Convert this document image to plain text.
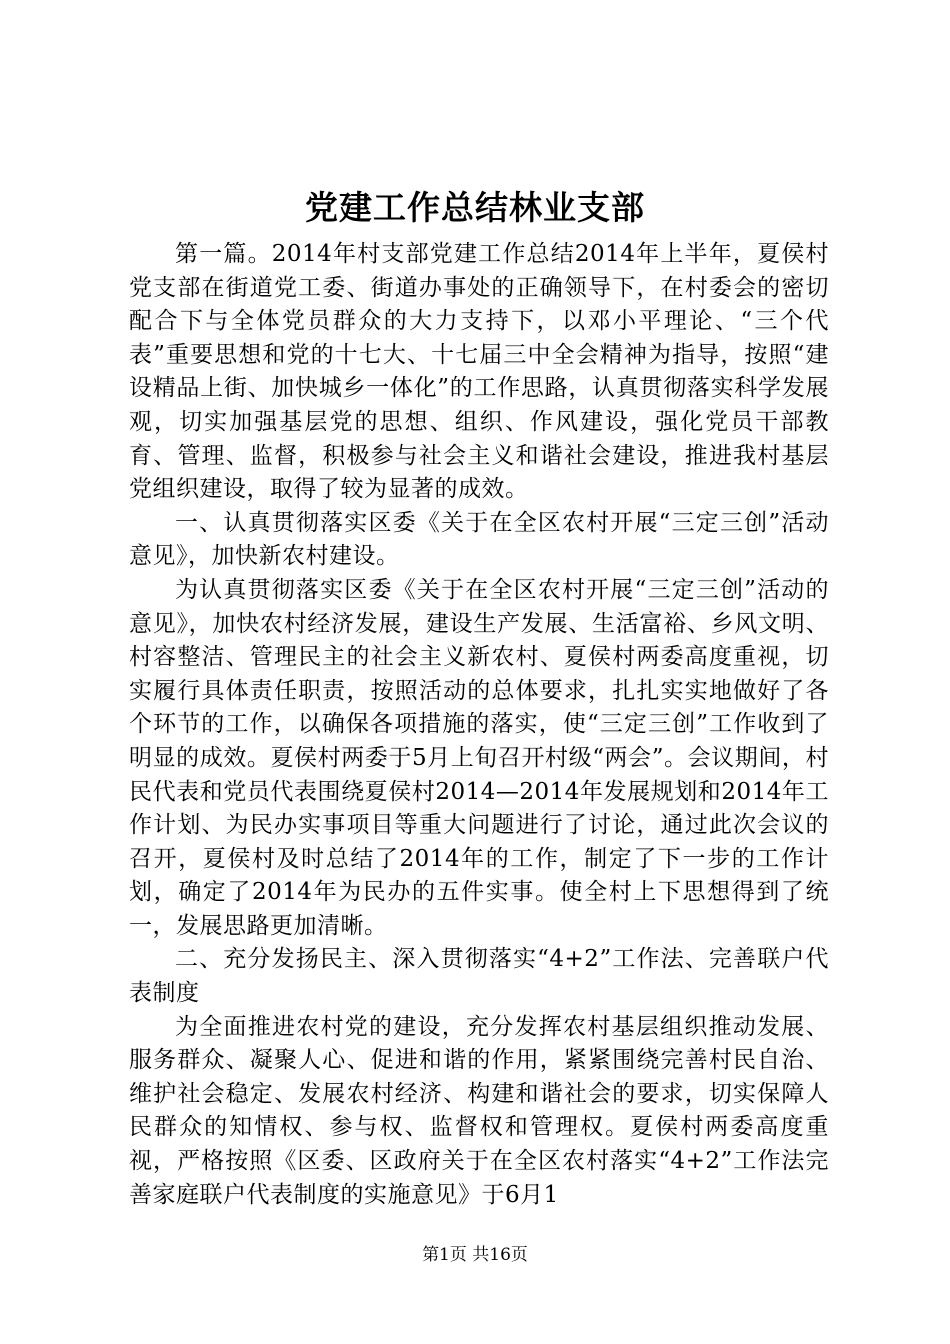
党建工作总结林业支部

第一篇。2014年村支部党建工作总结2014年上半年，夏侯村党支部在街道党工委、街道办事处的正确领导下，在村委会的密切配合下与全体党员群众的大力支持下，以邓小平理论、“三个代表”重要思想和党的十七大、十七届三中全会精神为指导，按照“建设精品上街、加快城乡一体化”的工作思路，认真贯彻落实科学发展观，切实加强基层党的思想、组织、作风建设，强化党员干部教育、管理、监督，积极参与社会主义和谐社会建设，推进我村基层党组织建设，取得了较为显著的成效。

一、认真贯彻落实区委《关于在全区农村开展“三定三创”活动意见》，加快新农村建设。

为认真贯彻落实区委《关于在全区农村开展“三定三创”活动的意见》，加快农村经济发展，建设生产发展、生活富裕、乡风文明、村容整洁、管理民主的社会主义新农村、夏侯村两委高度重视，切实履行具体责任职责，按照活动的总体要求，扎扎实实地做好了各个环节的工作，以确保各项措施的落实，使“三定三创”工作收到了明显的成效。夏侯村两委于5月上旬召开村级“两会”。会议期间，村民代表和党员代表围绕夏侯村2014—2014年发展规划和2014年工作计划、为民办实事项目等重大问题进行了讨论，通过此次会议的召开，夏侯村及时总结了2014年的工作，制定了下一步的工作计划，确定了2014年为民办的五件实事。使全村上下思想得到了统一，发展思路更加清晰。

二、充分发扬民主、深入贯彻落实“4+2”工作法、完善联户代表制度

为全面推进农村党的建设，充分发挥农村基层组织推动发展、服务群众、凝聚人心、促进和谐的作用，紧紧围绕完善村民自治、维护社会稳定、发展农村经济、构建和谐社会的要求，切实保障人民群众的知情权、参与权、监督权和管理权。夏侯村两委高度重视，严格按照《区委、区政府关于在全区农村落实“4+2”工作法完善家庭联户代表制度的实施意见》于6月1

第1页 共16页
